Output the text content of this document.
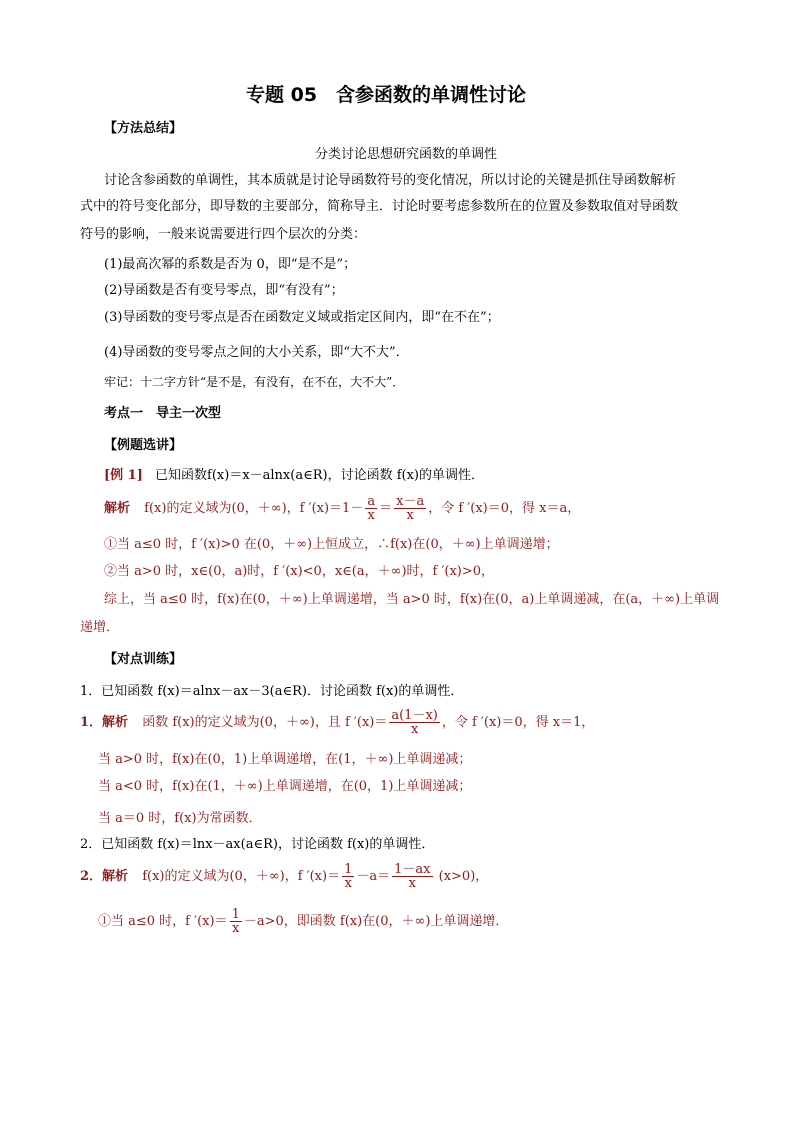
专题 05　含参函数的单调性讨论
【方法总结】
分类讨论思想研究函数的单调性
讨论含参函数的单调性，其本质就是讨论导函数符号的变化情况，所以讨论的关键是抓住导函数解析
式中的符号变化部分，即导数的主要部分，简称导主．讨论时要考虑参数所在的位置及参数取值对导函数
符号的影响，一般来说需要进行四个层次的分类：
(1)最高次幂的系数是否为 0，即“是不是”；
(2)导函数是否有变号零点，即“有没有”；
(3)导函数的变号零点是否在函数定义域或指定区间内，即“在不在”；
(4)导函数的变号零点之间的大小关系，即“大不大”．
牢记：十二字方针“是不是，有没有，在不在，大不大”．
考点一　导主一次型
【例题选讲】
[例 1] 已知函数f(x)＝x－alnx(a∈R)，讨论函数 f(x)的单调性．
解析 f(x)的定义域为(0，＋∞)，f $'(x)=1- \frac{a}{x} = \frac{x-a}{x}$ ，令 f ′(x)＝0，得 x＝a，
①当 a≤0 时，f ′(x)>0 在(0，＋∞)上恒成立，∴f(x)在(0，＋∞)上单调递增；
②当 a>0 时，x∈(0，a)时，f ′(x)<0，x∈(a，＋∞)时，f ′(x)>0，
综上，当 a≤0 时，f(x)在(0，＋∞)上单调递增，当 a>0 时，f(x)在(0，a)上单调递减，在(a，＋∞)上单调
递增．
【对点训练】
1．已知函数 f(x)＝alnx－ax－3(a∈R)．讨论函数 f(x)的单调性．
1．解析 函数 f(x)的定义域为(0，＋∞)，且 f $'(x)= \frac{a(1-x)}{x}$ ，令 f ′(x)＝0，得 x＝1，
当 a>0 时，f(x)在(0，1)上单调递增，在(1，＋∞)上单调递减；
当 a<0 时，f(x)在(1，＋∞)上单调递增，在(0，1)上单调递减；
当 a＝0 时，f(x)为常函数．
2．已知函数 f(x)＝lnx－ax(a∈R)，讨论函数 f(x)的单调性．
2．解析 f(x)的定义域为(0，＋∞)，f $'(x)= \frac{1}{x} -a= \frac{1-ax}{x} (x>0)$，
①当 a≤0 时，f $'(x)= \frac{1}{x} -a>0$，即函数 f(x)在(0，＋∞)上单调递增．
